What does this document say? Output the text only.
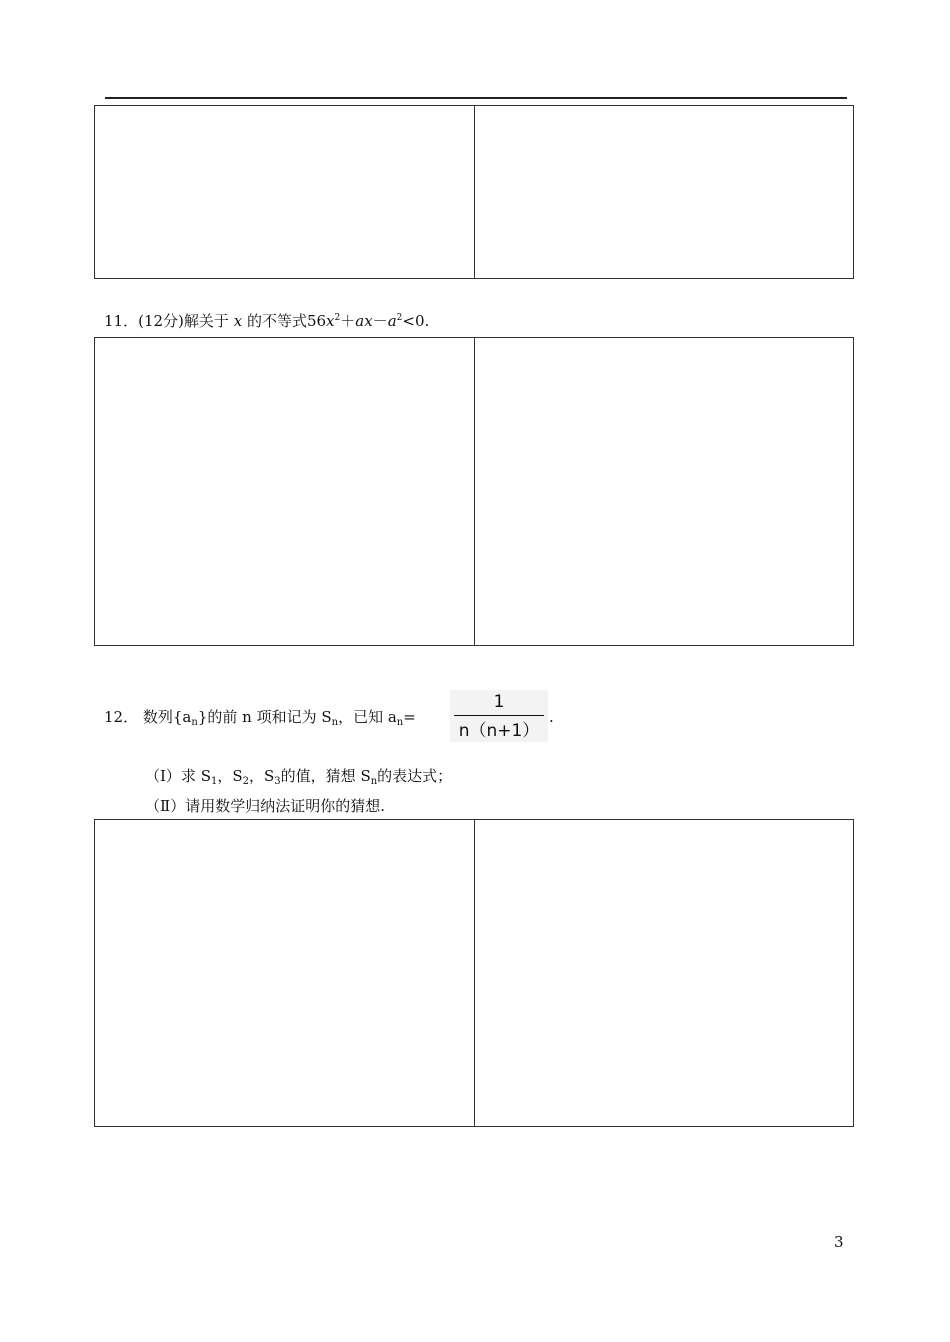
11．(12分)解关于 x 的不等式$56x^2+ax-a^2<0$.
12． 数列$\{a_n\}$的前 n 项和记为 $S_n$，已知 $a_n=$
1
n（n+1）
.
（Ⅰ）求 $S_1$，$S_2$，$S_3$的值，猜想 $S_n$的表达式；
（Ⅱ）请用数学归纳法证明你的猜想.
3
